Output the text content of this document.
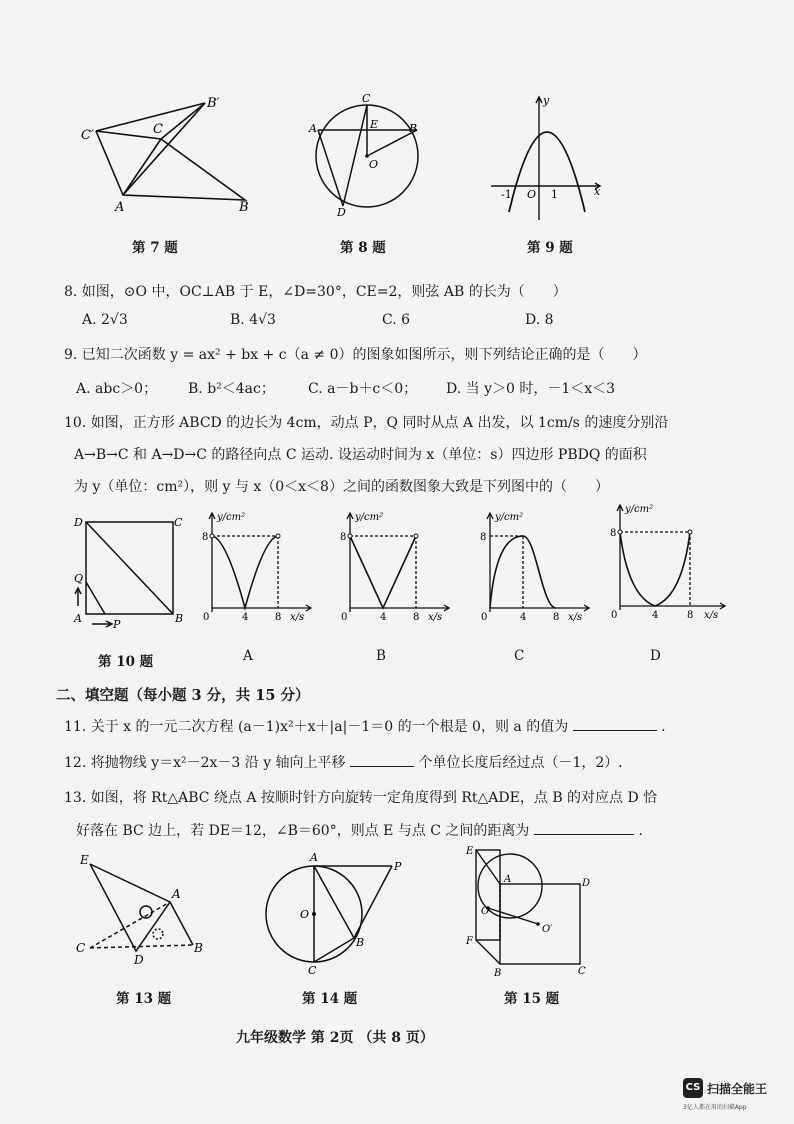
C′
B′
C
A	B
第 7 题
C
A	E	B
O
D
第 8 题
y
-1 O 1	x
第 9 题
8. 如图，⊙O 中，OC⊥AB 于 E，∠D=30°，CE=2，则弦 AB 的长为（　　）
A. 2√3	B. 4√3	C. 6	D. 8
9. 已知二次函数 y = ax² + bx + c（a ≠ 0）的图象如图所示，则下列结论正确的是（　　）
A. abc＞0； B. b²＜4ac； C. a－b＋c＜0； D. 当 y＞0 时，－1＜x＜3
10. 如图，正方形 ABCD 的边长为 4cm，动点 P，Q 同时从点 A 出发，以 1cm/s 的速度分别沿
A→B→C 和 A→D→C 的路径向点 C 运动. 设运动时间为 x（单位：s）四边形 PBDQ 的面积
为 y（单位：cm²），则 y 与 x（0＜x＜8）之间的函数图象大致是下列图中的（　　）
D	C
Q
A	P	B
第 10 题
y/cm²
8
0	4	8 x/s
A
y/cm²
8
0	4	8 x/s
B
y/cm²
8
0	4	8 x/s
C
y/cm²
8
0	4	8 x/s
D
二、填空题（每小题 3 分，共 15 分）
11. 关于 x 的一元二次方程 (a－1)x²＋x＋|a|－1＝0 的一个根是 0，则 a 的值为	.
12. 将抛物线 y＝x²－2x－3 沿 y 轴向上平移	个单位长度后经过点（－1，2）.
13. 如图，将 Rt△ABC 绕点 A 按顺时针方向旋转一定角度得到 Rt△ADE，点 B 的对应点 D 恰
好落在 BC 边上，若 DE＝12，∠B＝60°，则点 E 与点 C 之间的距离为	.
E
A
C
D
B
第 13 题
A
P
O
B
C
第 14 题
E
A	D
O
O′
F
B	C
第 15 题
九年级数学 第 2页 （共 8 页）
CS 扫描全能王
3亿人都在用的扫描App
